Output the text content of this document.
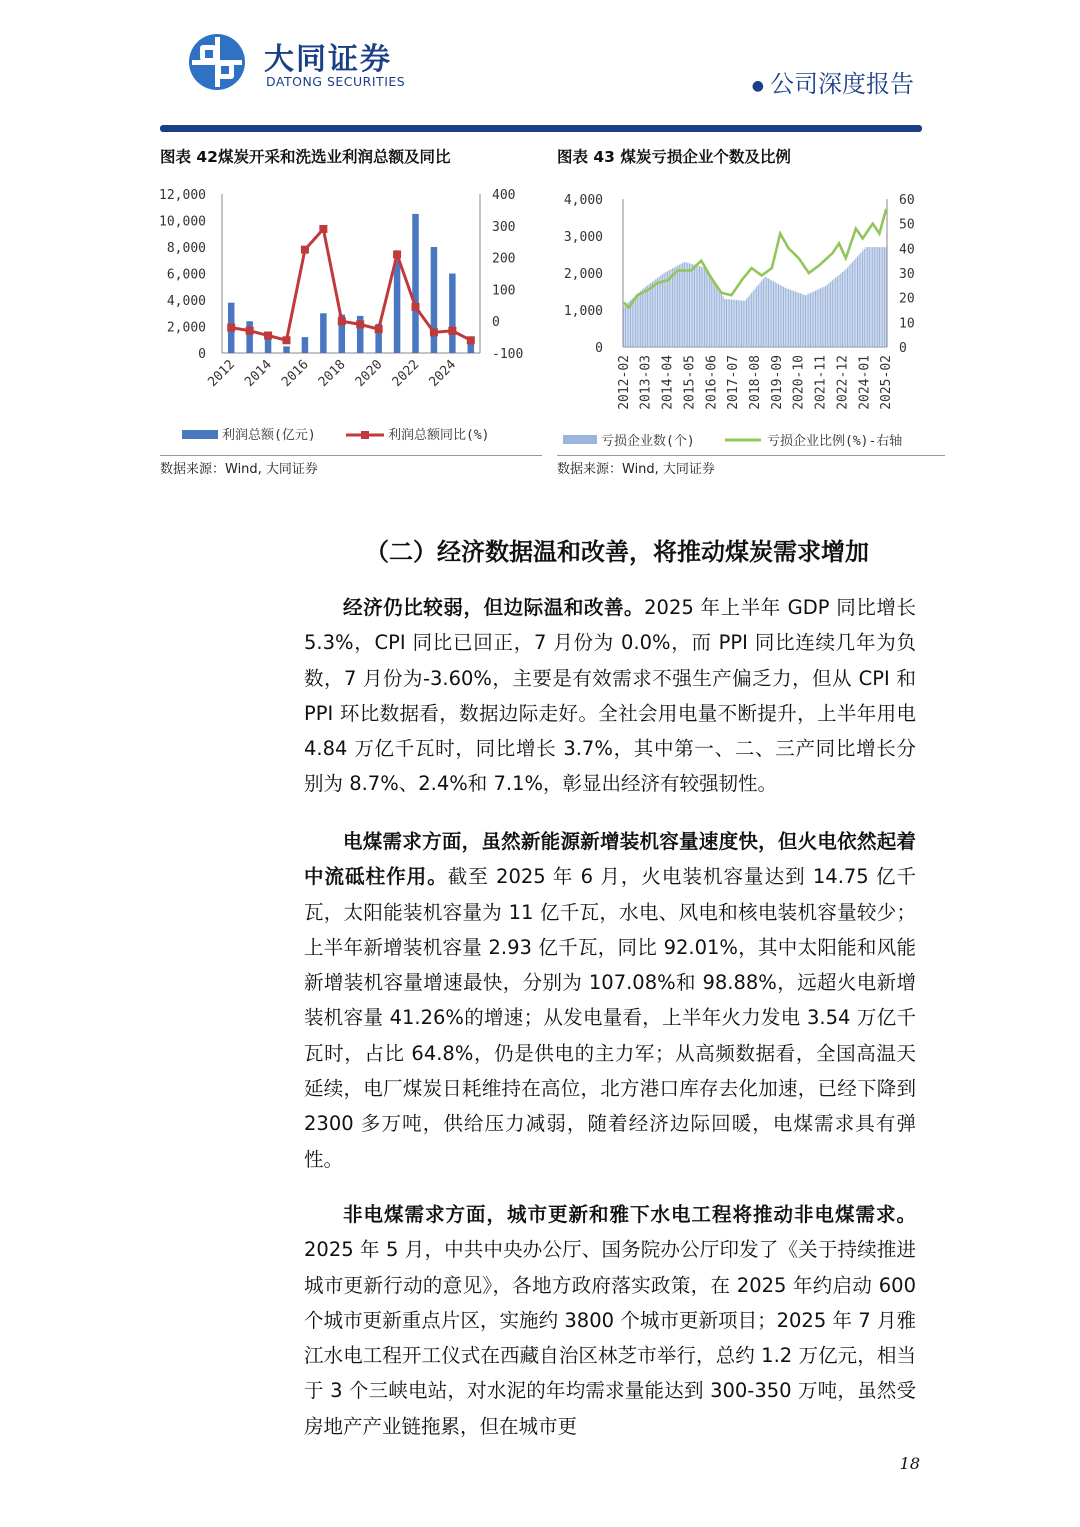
大同证券
DATONG SECURITIES	● 公司深度报告
图表 42煤炭开采和洗选业利润总额及同比	图表 43 煤炭亏损企业个数及比例
12,000
10,000
8,000
6,000
4,000
2,000
0
400
300
200
100
0
-100
2012 2014 2016 2018 2020 2022 2024
利润总额(亿元)	利润总额同比(%)
4,000
3,000
2,000
1,000
0
60
50
40
30
20
10
0
2012-02 2013-03 2014-04 2015-05 2016-06 2017-07 2018-08 2019-09 2020-10 2021-11 2022-12 2024-01 2025-02
亏损企业数(个)	亏损企业比例(%)-右轴
数据来源：Wind, 大同证券	数据来源：Wind, 大同证券
（二）经济数据温和改善，将推动煤炭需求增加
经济仍比较弱，但边际温和改善。2025 年上半年 GDP 同比增长 5.3%，CPI 同比已回正，7 月份为 0.0%，而 PPI 同比连续几年为负数，7 月份为-3.60%，主要是有效需求不强生产偏乏力，但从 CPI 和 PPI 环比数据看，数据边际走好。全社会用电量不断提升，上半年用电 4.84 万亿千瓦时，同比增长 3.7%，其中第一、二、三产同比增长分别为 8.7%、2.4%和 7.1%，彰显出经济有较强韧性。
电煤需求方面，虽然新能源新增装机容量速度快，但火电依然起着中流砥柱作用。截至 2025 年 6 月，火电装机容量达到 14.75 亿千瓦，太阳能装机容量为 11 亿千瓦，水电、风电和核电装机容量较少；上半年新增装机容量 2.93 亿千瓦，同比 92.01%，其中太阳能和风能新增装机容量增速最快，分别为 107.08%和 98.88%，远超火电新增装机容量 41.26%的增速；从发电量看，上半年火力发电 3.54 万亿千瓦时，占比 64.8%，仍是供电的主力军；从高频数据看，全国高温天延续，电厂煤炭日耗维持在高位，北方港口库存去化加速，已经下降到 2300 多万吨，供给压力减弱，随着经济边际回暖，电煤需求具有弹性。
非电煤需求方面，城市更新和雅下水电工程将推动非电煤需求。2025 年 5 月，中共中央办公厅、国务院办公厅印发了《关于持续推进城市更新行动的意见》，各地方政府落实政策，在 2025 年约启动 600 个城市更新重点片区，实施约 3800 个城市更新项目；2025 年 7 月雅江水电工程开工仪式在西藏自治区林芝市举行，总约 1.2 万亿元，相当于 3 个三峡电站，对水泥的年均需求量能达到 300-350 万吨，虽然受房地产产业链拖累，但在城市更
18
